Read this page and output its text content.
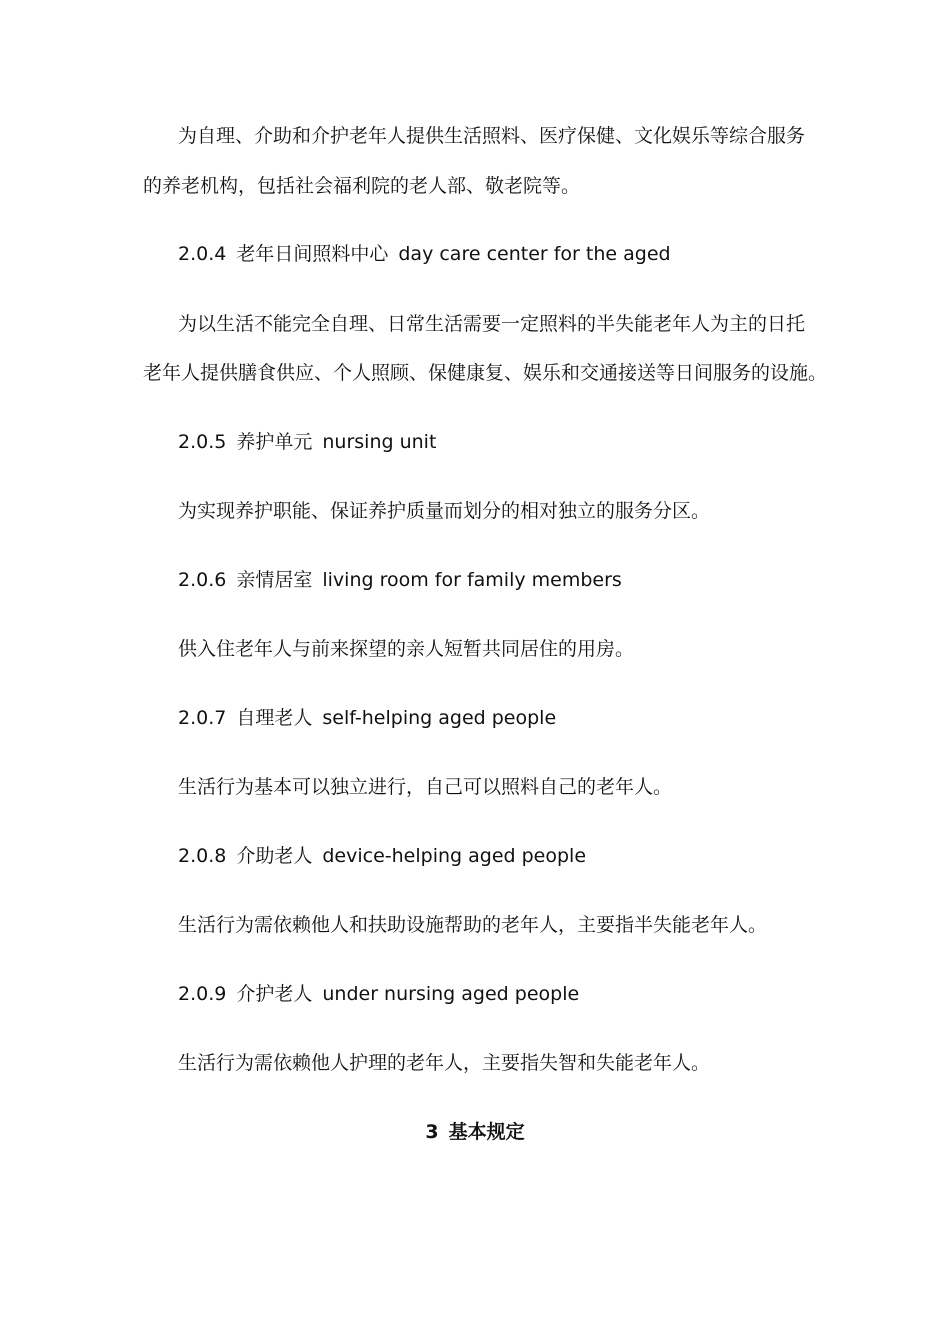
为自理、介助和介护老年人提供生活照料、医疗保健、文化娱乐等综合服务
的养老机构，包括社会福利院的老人部、敬老院等。
2.0.4 老年日间照料中心 day care center for the aged
为以生活不能完全自理、日常生活需要一定照料的半失能老年人为主的日托
老年人提供膳食供应、个人照顾、保健康复、娱乐和交通接送等日间服务的设施。
2.0.5 养护单元 nursing unit
为实现养护职能、保证养护质量而划分的相对独立的服务分区。
2.0.6 亲情居室 living room for family members
供入住老年人与前来探望的亲人短暂共同居住的用房。
2.0.7 自理老人 self-helping aged people
生活行为基本可以独立进行，自己可以照料自己的老年人。
2.0.8 介助老人 device-helping aged people
生活行为需依赖他人和扶助设施帮助的老年人，主要指半失能老年人。
2.0.9 介护老人 under nursing aged people
生活行为需依赖他人护理的老年人，主要指失智和失能老年人。
3 基本规定
